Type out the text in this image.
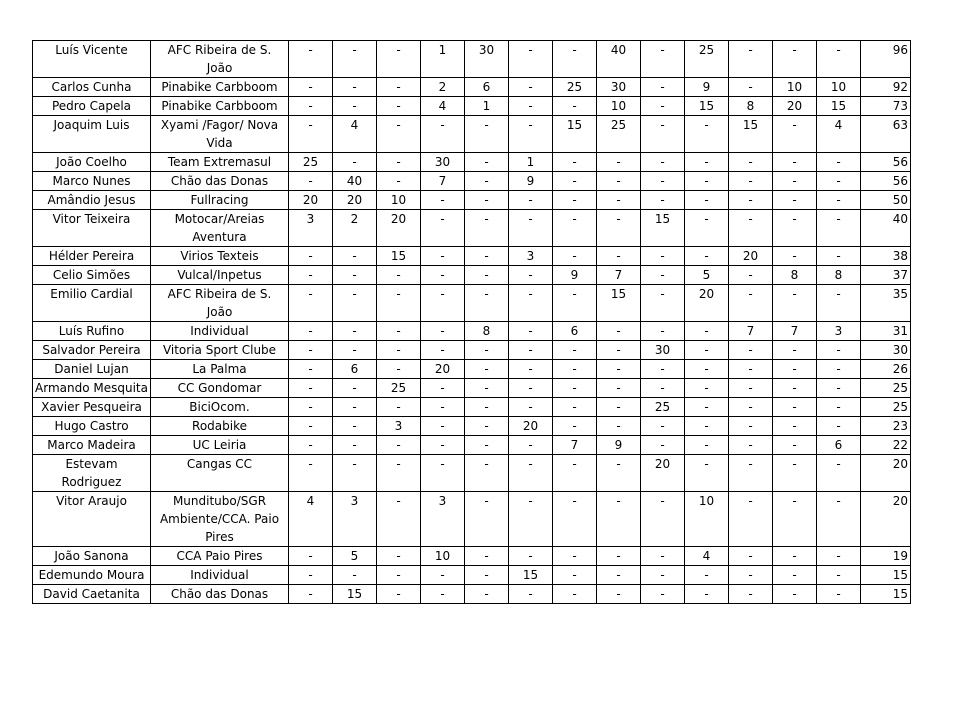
Luís Vicente	AFC Ribeira de S. João	-	-	-	1	30	-	-	40	-	25	-	-	-	96
Carlos Cunha	Pinabike Carbboom	-	-	-	2	6	-	25	30	-	9	-	10	10	92
Pedro Capela	Pinabike Carbboom	-	-	-	4	1	-	-	10	-	15	8	20	15	73
Joaquim Luis	Xyami /Fagor/ Nova Vida	-	4	-	-	-	-	15	25	-	-	15	-	4	63
João Coelho	Team Extremasul	25	-	-	30	-	1	-	-	-	-	-	-	-	56
Marco Nunes	Chão das Donas	-	40	-	7	-	9	-	-	-	-	-	-	-	56
Amândio Jesus	Fullracing	20	20	10	-	-	-	-	-	-	-	-	-	-	50
Vitor Teixeira	Motocar/Areias Aventura	3	2	20	-	-	-	-	-	15	-	-	-	-	40
Hélder Pereira	Virios Texteis	-	-	15	-	-	3	-	-	-	-	20	-	-	38
Celio Simões	Vulcal/Inpetus	-	-	-	-	-	-	9	7	-	5	-	8	8	37
Emilio Cardial	AFC Ribeira de S. João	-	-	-	-	-	-	-	15	-	20	-	-	-	35
Luís Rufino	Individual	-	-	-	-	8	-	6	-	-	-	7	7	3	31
Salvador Pereira	Vitoria Sport Clube	-	-	-	-	-	-	-	-	30	-	-	-	-	30
Daniel Lujan	La Palma	-	6	-	20	-	-	-	-	-	-	-	-	-	26
Armando Mesquita	CC Gondomar	-	-	25	-	-	-	-	-	-	-	-	-	-	25
Xavier Pesqueira	BiciOcom.	-	-	-	-	-	-	-	-	25	-	-	-	-	25
Hugo Castro	Rodabike	-	-	3	-	-	20	-	-	-	-	-	-	-	23
Marco Madeira	UC Leiria	-	-	-	-	-	-	7	9	-	-	-	-	6	22
Estevam Rodriguez	Cangas CC	-	-	-	-	-	-	-	-	20	-	-	-	-	20
Vitor Araujo	Munditubo/SGR Ambiente/CCA. Paio Pires	4	3	-	3	-	-	-	-	-	10	-	-	-	20
João Sanona	CCA Paio Pires	-	5	-	10	-	-	-	-	-	4	-	-	-	19
Edemundo Moura	Individual	-	-	-	-	-	15	-	-	-	-	-	-	-	15
David Caetanita	Chão das Donas	-	15	-	-	-	-	-	-	-	-	-	-	-	15
